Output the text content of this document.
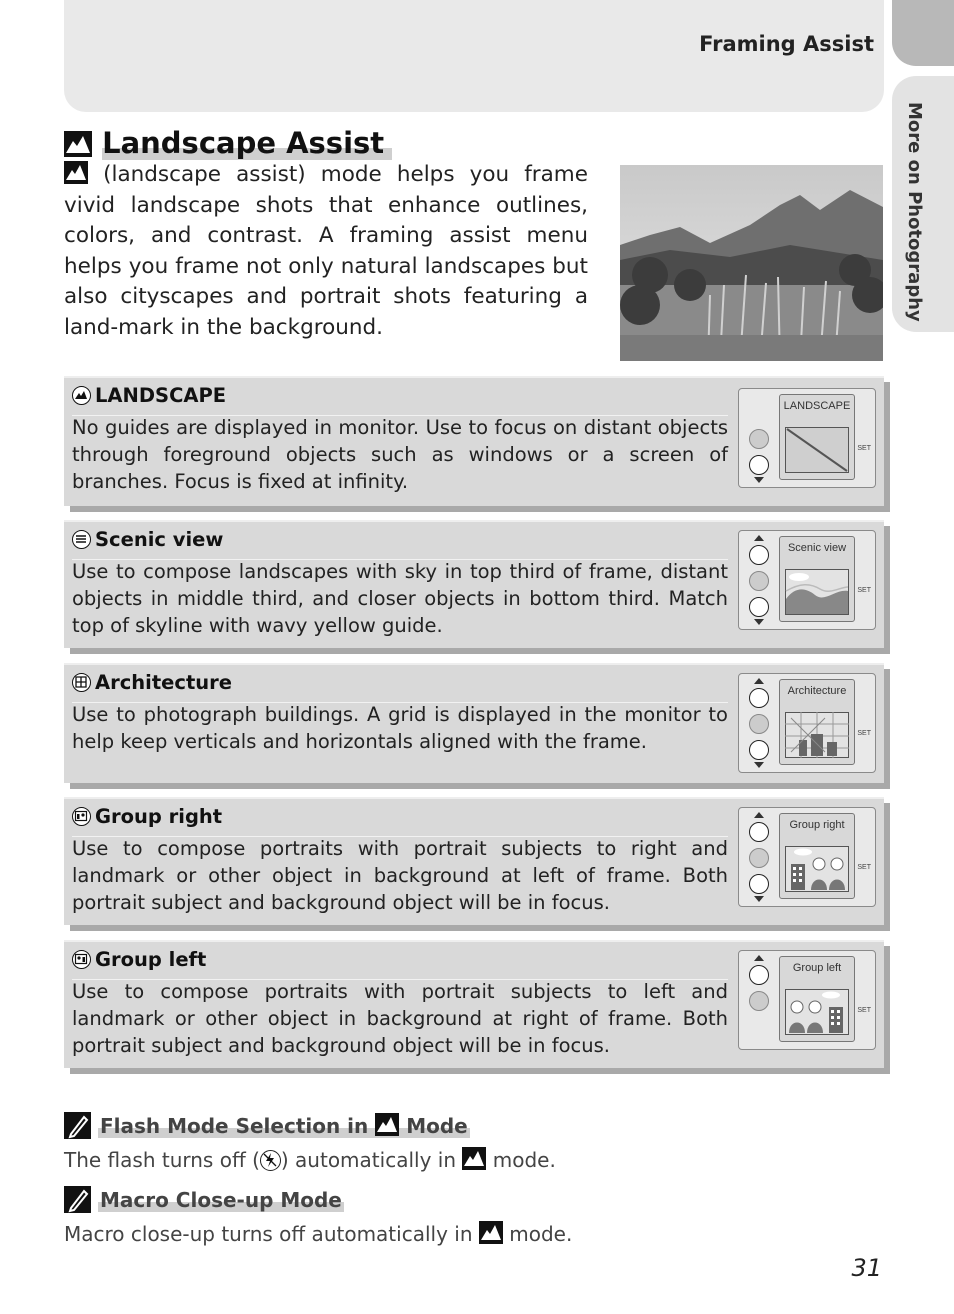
Framing Assist
More on Photography
Landscape Assist
(landscape assist) mode helps you frame vivid landscape shots that enhance outlines, colors, and contrast. A framing assist menu helps you frame not only natural landscapes but also cityscapes and portrait shots featuring a land-mark in the background.
LANDSCAPE
No guides are displayed in monitor. Use to focus on distant objects through foreground objects such as windows or a screen of branches. Focus is fixed at infinity.
LANDSCAPE
SET
Scenic view
Use to compose landscapes with sky in top third of frame, distant objects in middle third, and closer objects in bottom third. Match top of skyline with wavy yellow guide.
Scenic view
SET
Architecture
Use to photograph buildings. A grid is displayed in the monitor to help keep verticals and horizontals aligned with the frame.
Architecture
SET
Group right
Use to compose portraits with portrait subjects to right and landmark or other object in background at left of frame. Both portrait subject and background object will be in focus.
Group right
SET
Group left
Use to compose portraits with portrait subjects to left and landmark or other object in background at right of frame. Both portrait subject and background object will be in focus.
Group left
SET
Flash Mode Selection in Mode
The flash turns off ( ) automatically in mode.
Macro Close-up Mode
Macro close-up turns off automatically in mode.
31
